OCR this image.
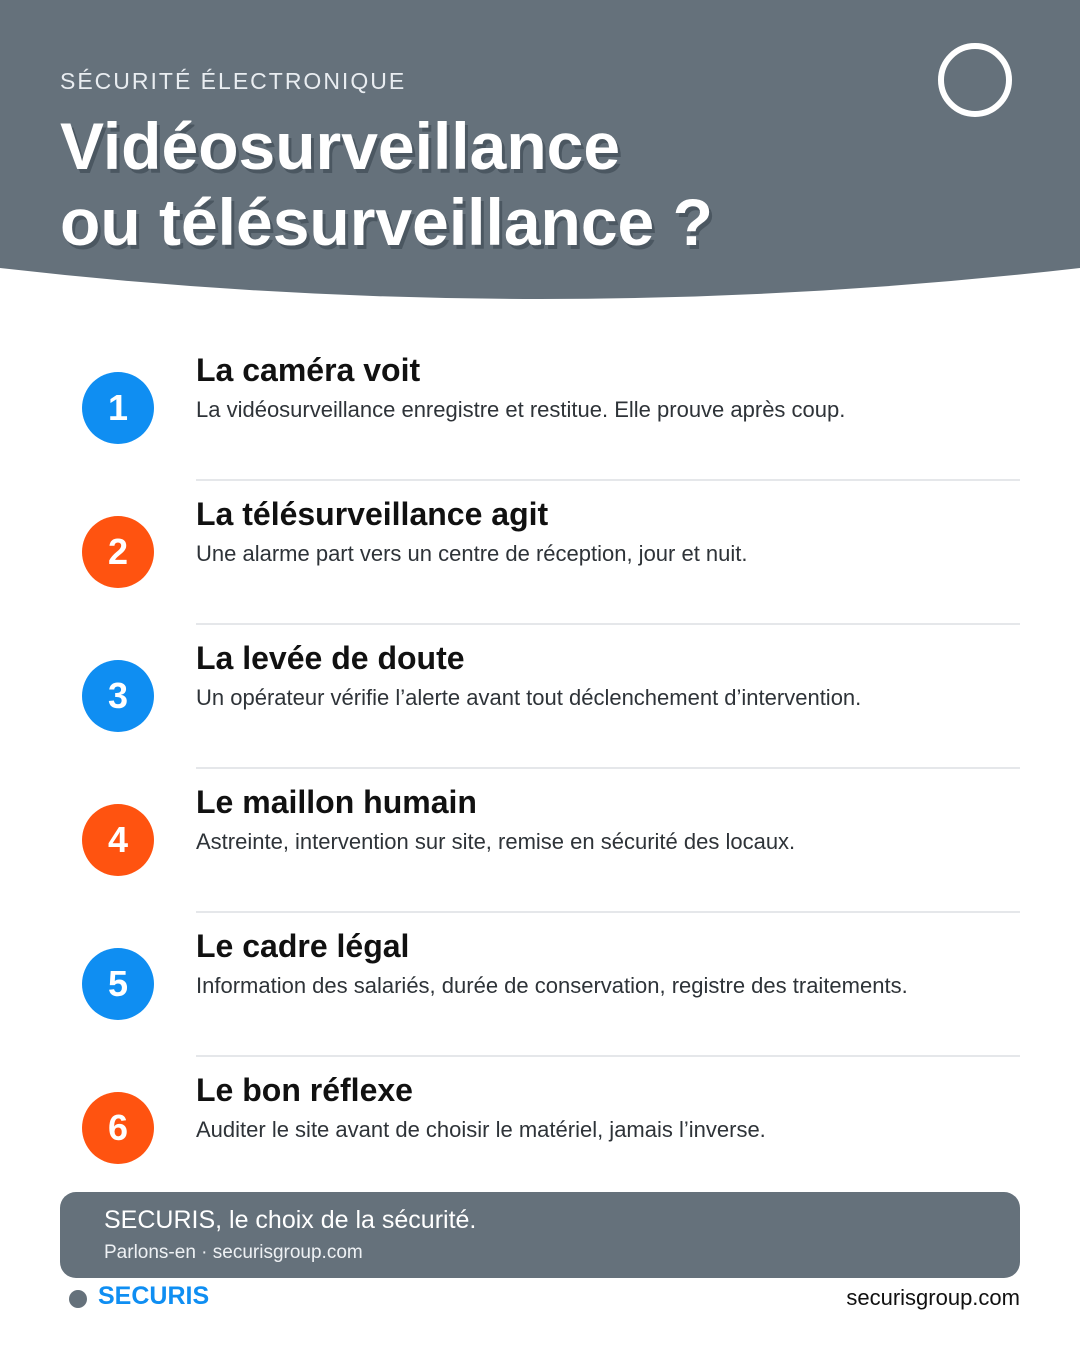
SÉCURITÉ ÉLECTRONIQUE

Vidéosurveillance
ou télésurveillance ?
1
La caméra voit

La vidéosurveillance enregistre et restitue. Elle prouve après coup.

2
La télésurveillance agit

Une alarme part vers un centre de réception, jour et nuit.

3
La levée de doute

Un opérateur vérifie l’alerte avant tout déclenchement d’intervention.

4
Le maillon humain

Astreinte, intervention sur site, remise en sécurité des locaux.

5
Le cadre légal

Information des salariés, durée de conservation, registre des traitements.

6
Le bon réflexe

Auditer le site avant de choisir le matériel, jamais l’inverse.

SECURIS, le choix de la sécurité.

Parlons-en · securisgroup.com

SECURIS	securisgroup.com
